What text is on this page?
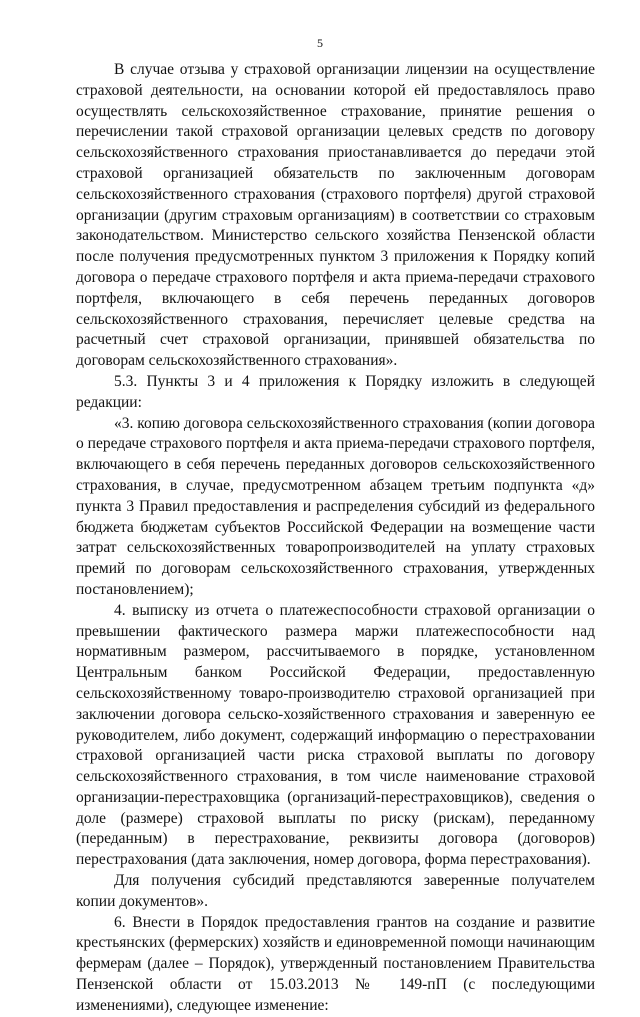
5

В случае отзыва у страховой организации лицензии на осуществление страховой деятельности, на основании которой ей предоставлялось право осуществлять сельскохозяйственное страхование, принятие решения о перечислении такой страховой организации целевых средств по договору сельскохозяйственного страхования приостанавливается до передачи этой страховой организацией обязательств по заключенным договорам сельскохозяйственного страхования (страхового портфеля) другой страховой организации (другим страховым организациям) в соответствии со страховым законодательством. Министерство сельского хозяйства Пензенской области после получения предусмотренных пунктом 3 приложения к Порядку копий договора о передаче страхового портфеля и акта приема-передачи страхового портфеля, включающего в себя перечень переданных договоров сельскохозяйственного страхования, перечисляет целевые средства на расчетный счет страховой организации, принявшей обязательства по договорам сельскохозяйственного страхования».

5.3. Пункты 3 и 4 приложения к Порядку изложить в следующей редакции:

«3. копию договора сельскохозяйственного страхования (копии договора о передаче страхового портфеля и акта приема-передачи страхового портфеля, включающего в себя перечень переданных договоров сельскохозяйственного страхования, в случае, предусмотренном абзацем третьим подпункта «д» пункта 3 Правил предоставления и распределения субсидий из федерального бюджета бюджетам субъектов Российской Федерации на возмещение части затрат сельскохозяйственных товаропроизводителей на уплату страховых премий по договорам сельскохозяйственного страхования, утвержденных постановлением);

4. выписку из отчета о платежеспособности страховой организации о превышении фактического размера маржи платежеспособности над нормативным размером, рассчитываемого в порядке, установленном Центральным банком Российской Федерации, предоставленную сельскохозяйственному товаро-производителю страховой организацией при заключении договора сельско-хозяйственного страхования и заверенную ее руководителем, либо документ, содержащий информацию о перестраховании страховой организацией части риска страховой выплаты по договору сельскохозяйственного страхования, в том числе наименование страховой организации-перестраховщика (организаций-перестраховщиков), сведения о доле (размере) страховой выплаты по риску (рискам), переданному (переданным) в перестрахование, реквизиты договора (договоров) перестрахования (дата заключения, номер договора, форма перестрахования).

Для получения субсидий представляются заверенные получателем копии документов».

6. Внести в Порядок предоставления грантов на создание и развитие крестьянских (фермерских) хозяйств и единовременной помощи начинающим фермерам (далее – Порядок), утвержденный постановлением Правительства Пензенской области от 15.03.2013 № 149-пП (с последующими изменениями), следующее изменение:
